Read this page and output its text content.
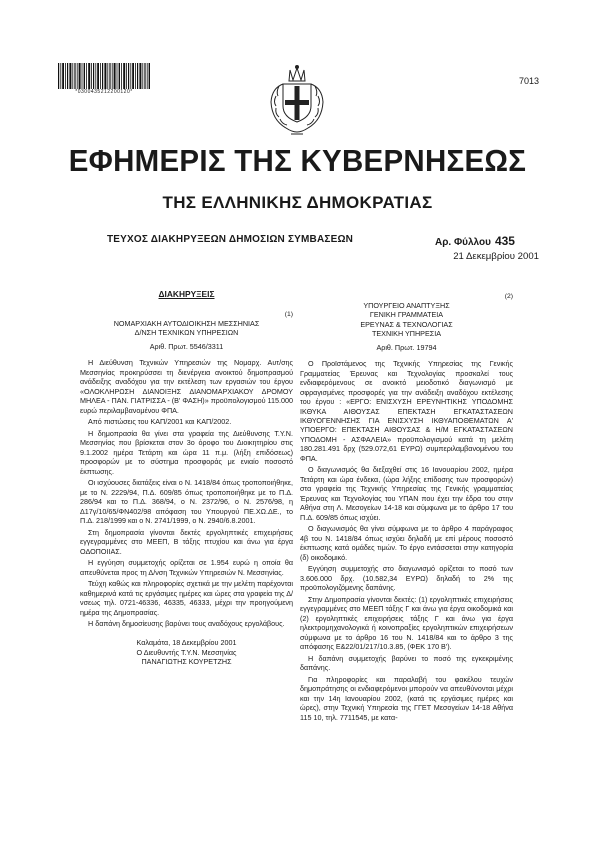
*0300435212200120*
7013
ΕΦΗΜΕΡΙΣ ΤΗΣ ΚΥΒΕΡΝΗΣΕΩΣ
ΤΗΣ ΕΛΛΗΝΙΚΗΣ ΔΗΜΟΚΡΑΤΙΑΣ
ΤΕΥΧΟΣ ΔΙΑΚΗΡΥΞΕΩΝ ΔΗΜΟΣΙΩΝ ΣΥΜΒΑΣΕΩΝ	Αρ. Φύλλου 435
21 Δεκεμβρίου 2001
ΔΙΑΚΗΡΥΞΕΙΣ
(1)
ΝΟΜΑΡΧΙΑΚΗ ΑΥΤΟΔΙΟΙΚΗΣΗ ΜΕΣΣΗΝΙΑΣ
Δ/ΝΣΗ ΤΕΧΝΙΚΩΝ ΥΠΗΡΕΣΙΩΝ
Αριθ. Πρωτ. 5546/3311

Η Διεύθυνση Τεχνικών Υπηρεσιών της Νομαρχ. Αυτ/σης Μεσσηνίας προκηρύσσει τη διενέργεια ανοικτού δημοπρασμού ανάδειξης αναδόχου για την εκτέλεση των εργασιών του έργου «ΟΛΟΚΛΗΡΩΣΗ ΔΙΑΝΟΙΞΗΣ ΔΙΑΝΟΜΑΡΧΙΑΚΟΥ ΔΡΟΜΟΥ ΜΗΛΕΑ - ΠΑΝ. ΓΙΑΤΡΙΣΣΑ - (Β' ΦΑΣΗ)» προϋπολογισμού 115.000 ευρώ περιλαμβανομένου ΦΠΑ.

Από πιστώσεις του ΚΑΠ/2001 και ΚΑΠ/2002.

Η δημοπρασία θα γίνει στα γραφεία της Διεύθυνσης Τ.Υ.Ν. Μεσσηνίας που βρίσκεται στον 3ο όροφο του Διοικητηρίου στις 9.1.2002 ημέρα Τετάρτη και ώρα 11 π.μ. (λήξη επιδόσεως) προσφορών με το σύστημα προσφοράς με ενιαίο ποσοστό έκπτωσης.

Οι ισχύουσες διατάξεις είναι ο Ν. 1418/84 όπως τροποποιήθηκε, με το Ν. 2229/94, Π.Δ. 609/85 όπως τροποποιήθηκε με το Π.Δ. 286/94 και το Π.Δ. 368/94, ο Ν. 2372/96, ο Ν. 2576/98, η Δ17γ/10/65/ΦΝ402/98 απόφαση του Υπουργού ΠΕ.ΧΩ.ΔΕ., το Π.Δ. 218/1999 και ο Ν. 2741/1999, ο Ν. 2940/6.8.2001.

Στη δημοπρασία γίνονται δεκτές εργοληπτικές επιχειρήσεις εγγεγραμμένες στο ΜΕΕΠ, Β τάξης πτυχίου και άνω για έργα ΟΔΟΠΟΙΙΑΣ.

Η εγγύηση συμμετοχής ορίζεται σε 1.954 ευρώ η οποία θα απευθύνεται προς τη Δ/νση Τεχνικών Υπηρεσιών Ν. Μεσσηνίας.

Τεύχη καθώς και πληροφορίες σχετικά με την μελέτη παρέχονται καθημερινά κατά τις εργάσιμες ημέρες και ώρες στα γραφεία της Δ/νσεως τηλ. 0721-46336, 46335, 46333, μέχρι την προηγούμενη ημέρα της Δημοπρασίας.

Η δαπάνη δημοσίευσης βαρύνει τους αναδόχους εργολάβους.

Καλαμάτα, 18 Δεκεμβρίου 2001

Ο Διευθυντής Τ.Υ.Ν. Μεσσηνίας

ΠΑΝΑΓΙΩΤΗΣ ΚΟΥΡΕΤΖΗΣ

(2)
ΥΠΟΥΡΓΕΙΟ ΑΝΑΠΤΥΞΗΣ
ΓΕΝΙΚΗ ΓΡΑΜΜΑΤΕΙΑ
ΕΡΕΥΝΑΣ & ΤΕΧΝΟΛΟΓΙΑΣ
ΤΕΧΝΙΚΗ ΥΠΗΡΕΣΙΑ
Αριθ. Πρωτ. 19794

Ο Προϊστάμενος της Τεχνικής Υπηρεσίας της Γενικής Γραμματείας Έρευνας και Τεχνολογίας προσκαλεί τους ενδιαφερόμενους σε ανοικτό μειοδοτικό διαγωνισμό με σφραγισμένες προσφορές για την ανάδειξη αναδόχου εκτέλεσης του έργου : «ΕΡΓΟ: ΕΝΙΣΧΥΣΗ ΕΡΕΥΝΗΤΙΚΗΣ ΥΠΟΔΟΜΗΣ ΙΚΘΥΚΑ ΑΙΘΟΥΣΑΣ ΕΠΕΚΤΑΣΗ ΕΓΚΑΤΑΣΤΑΣΕΩΝ ΙΚΘΥΟΓΕΝΝΗΣΗΣ ΓΙΑ ΕΝΙΣΧΥΣΗ ΙΚΘΥΑΠΟΘΕΜΑΤΩΝ Α' ΥΠΟΕΡΓΟ: ΕΠΕΚΤΑΣΗ ΑΙΘΟΥΣΑΣ & Η/Μ ΕΓΚΑΤΑΣΤΑΣΕΩΝ ΥΠΟΔΟΜΗ - ΑΣΦΑΛΕΙΑ» προϋπολογισμού κατά τη μελέτη 180.281.491 δρχ (529.072,61 ΕΥΡΩ) συμπεριλαμβανομένου του ΦΠΑ.

Ο διαγωνισμός θα διεξαχθεί στις 16 Ιανουαρίου 2002, ημέρα Τετάρτη και ώρα ένδεκα, (ώρα λήξης επίδοσης των προσφορών) στα γραφεία της Τεχνικής Υπηρεσίας της Γενικής γραμματείας Έρευνας και Τεχνολογίας του ΥΠΑΝ που έχει την έδρα του στην Αθήνα στη Λ. Μεσογείων 14-18 και σύμφωνα με το άρθρο 17 του Π.Δ. 609/85 όπως ισχύει.

Ο διαγωνισμός θα γίνει σύμφωνα με το άρθρο 4 παράγραφος 4β του Ν. 1418/84 όπως ισχύει δηλαδή με επί μέρους ποσοστό έκπτωσης κατά ομάδες τιμών. Το έργο εντάσσεται στην κατηγορία (δ) οικοδομικό.

Εγγύηση συμμετοχής στο διαγωνισμό ορίζεται το ποσό των 3.606.000 δρχ. (10.582,34 ΕΥΡΩ) δηλαδή το 2% της προϋπολογιζόμενης δαπάνης.

Στην Δημοπρασία γίνονται δεκτές: (1) εργοληπτικές επιχειρήσεις εγγεγραμμένες στο ΜΕΕΠ τάξης Γ και άνω για έργα οικοδομικά και (2) εργοληπτικές επιχειρήσεις τάξης Γ και άνω για έργα ηλεκτρομηχανολογικά ή κοινοπραξίες εργοληπτικών επιχειρήσεων σύμφωνα με το άρθρο 16 του Ν. 1418/84 και το άρθρο 3 της απόφασης Ε&22/01/217/10.3.85, (ΦΕΚ 170 Β').

Η δαπάνη συμμετοχής βαρύνει το ποσό της εγκεκριμένης δαπάνης.

Για πληροφορίες και παραλαβή του φακέλου τευχών δημοπράτησης οι ενδιαφερόμενοι μπορούν να απευθύνονται μέχρι και την 14η Ιανουαρίου 2002, (κατά τις εργάσιμες ημέρες και ώρες), στην Τεχνική Υπηρεσία της ΓΓΕΤ Μεσογείων 14-18 Αθήνα 115 10, τηλ. 7711545, με κατα-
